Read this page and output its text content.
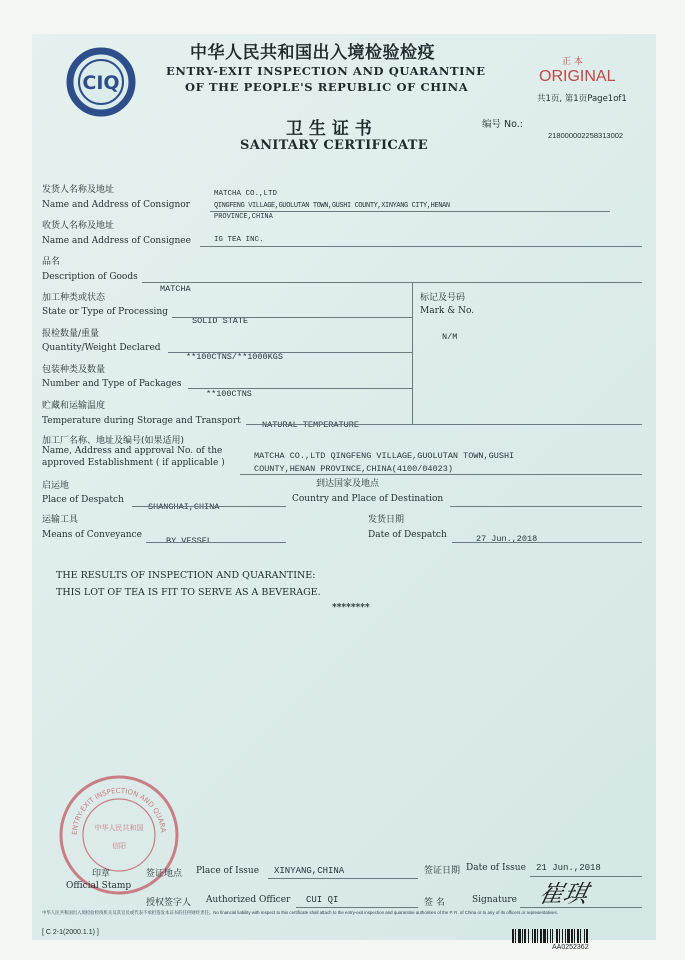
CIQ
中华人民共和国出入境检验检疫
ENTRY-EXIT INSPECTION AND QUARANTINE
OF THE PEOPLE'S REPUBLIC OF CHINA
正 本
ORIGINAL
共1页, 第1页Page1of1
卫 生 证 书
SANITARY CERTIFICATE
编号 No.:
218000002258313002
发货人名称及地址
Name and Address of Consignor
MATCHA CO.,LTD
QINGFENG VILLAGE,GUOLUTAN TOWN,GUSHI COUNTY,XINYANG CITY,HENAN
PROVINCE,CHINA
收货人名称及地址
Name and Address of Consignee	IG TEA INC.
品名
Description of Goods
MATCHA
加工种类或状态
State or Type of Processing
SOLID STATE
标记及号码
Mark & No.
N/M
报检数量/重量
Quantity/Weight Declared
**100CTNS/**1000KGS
包装种类及数量
Number and Type of Packages
**100CTNS
贮藏和运输温度
Temperature during Storage and Transport NATURAL TEMPERATURE
加工厂名称、地址及编号(如果适用)
Name, Address and approval No. of the
approved Establishment ( if applicable )
MATCHA CO.,LTD QINGFENG VILLAGE,GUOLUTAN TOWN,GUSHI
COUNTY,HENAN PROVINCE,CHINA(4100/04023)
启运地
Place of Despatch
SHANGHAI,CHINA
到达国家及地点
Country and Place of Destination
运输工具
Means of Conveyance
BY VESSEL
发货日期
Date of Despatch	27 Jun.,2018
THE RESULTS OF INSPECTION AND QUARANTINE:
THIS LOT OF TEA IS FIT TO SERVE AS A BEVERAGE.
********
ENTRY-EXIT INSPECTION AND QUARA
中华人民共和国
信阳
印章
Official Stamp
签证地点 Place of Issue XINYANG,CHINA	签证日期 Date of Issue 21 Jun.,2018
授权签字人 Authorized Officer CUI QI	签 名	Signature 崔琪
中华人民共和国出入境检验检疫机关及其官员或代表不承担签发本证书的任何财经责任。No financial liability with respect to this certificate shall attach to the entry-exit inspection and quarantine authorities of the P. R. of China or to any of its officers or representatives.
[ C 2-1(2000.1.1) ]
AA0252362
